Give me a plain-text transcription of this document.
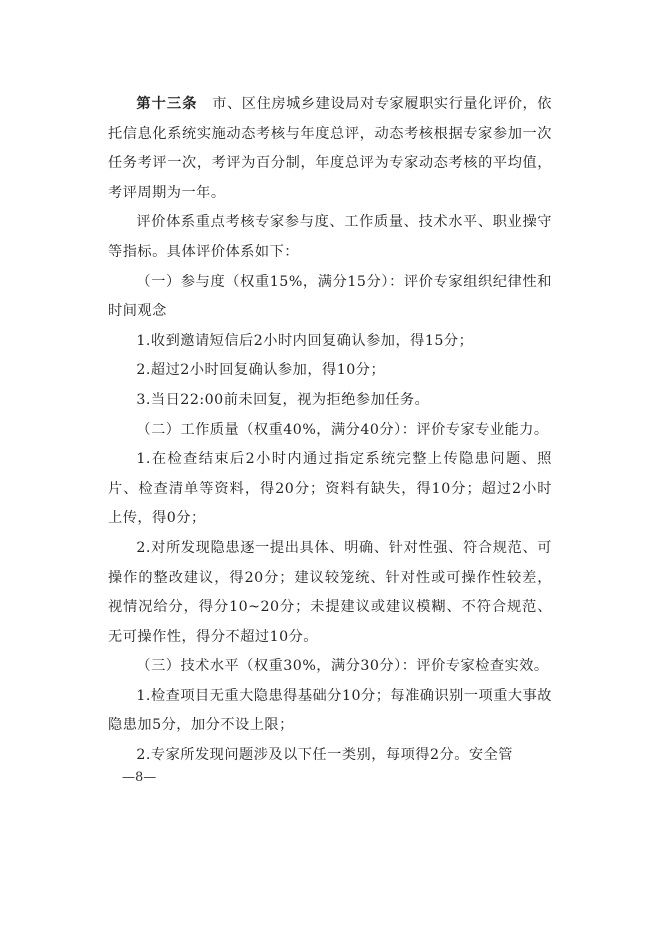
第十三条　 市、区住房城乡建设局对专家履职实行量化评价，依托信息化系统实施动态考核与年度总评，动态考核根据专家参加一次任务考评一次，考评为百分制，年度总评为专家动态考核的平均值，考评周期为一年。

评价体系重点考核专家参与度、工作质量、技术水平、职业操守等指标。具体评价体系如下：

（一）参与度（权重15%，满分15分）：评价专家组织纪律性和时间观念

1.收到邀请短信后2小时内回复确认参加，得15分；

2.超过2小时回复确认参加，得10分；

3.当日22:00前未回复，视为拒绝参加任务。

（二）工作质量（权重40%，满分40分）：评价专家专业能力。

1.在检查结束后2小时内通过指定系统完整上传隐患问题、照片、检查清单等资料，得20分；资料有缺失，得10分；超过2小时上传，得0分；

2.对所发现隐患逐一提出具体、明确、针对性强、符合规范、可操作的整改建议，得20分；建议较笼统、针对性或可操作性较差，视情况给分，得分10~20分；未提建议或建议模糊、不符合规范、无可操作性，得分不超过10分。

（三）技术水平（权重30%，满分30分）：评价专家检查实效。

1.检查项目无重大隐患得基础分10分；每准确识别一项重大事故隐患加5分，加分不设上限；

2.专家所发现问题涉及以下任一类别，每项得2分。安全管

—8—
